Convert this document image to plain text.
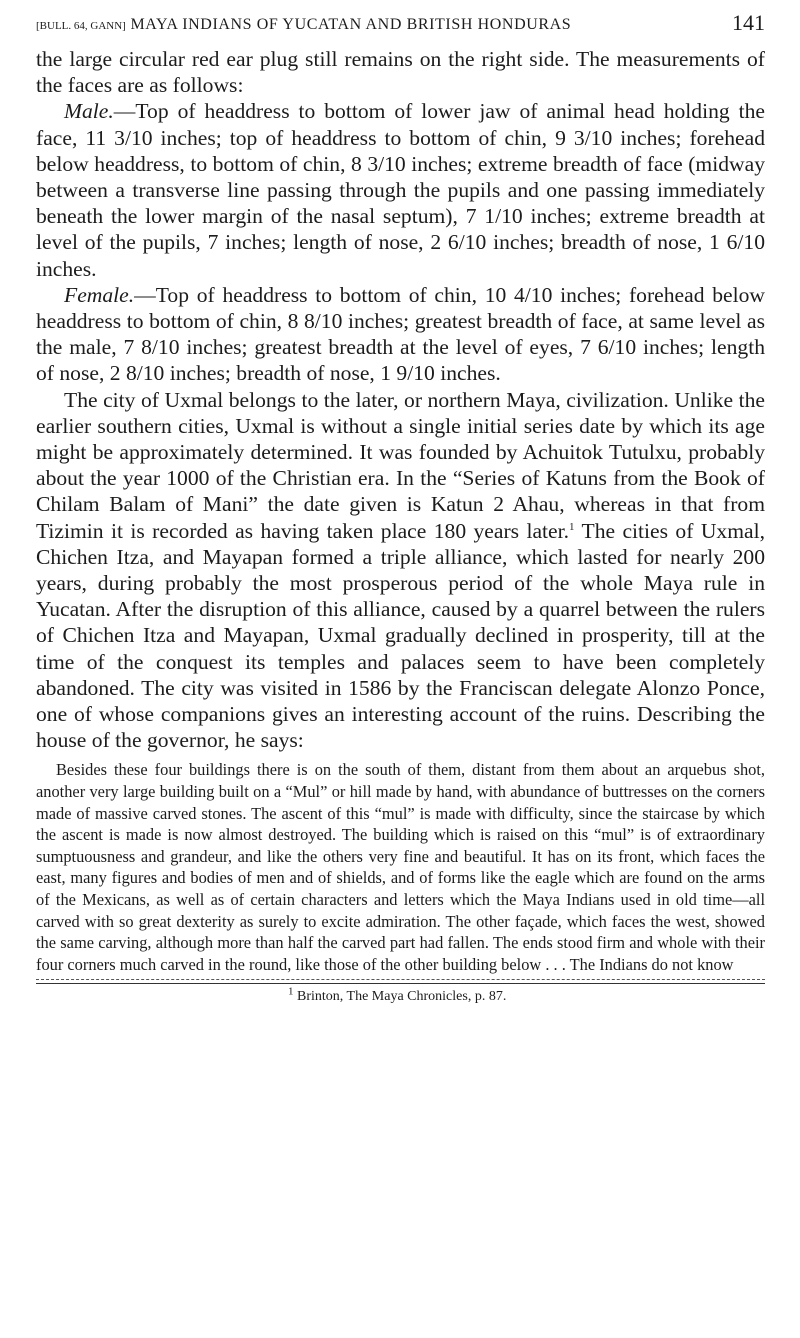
[BULL. 64, GANN] MAYA INDIANS OF YUCATAN AND BRITISH HONDURAS	141

the large circular red ear plug still remains on the right side. The measurements of the faces are as follows:

Male.—Top of headdress to bottom of lower jaw of animal head holding the face, 11 3/10 inches; top of headdress to bottom of chin, 9 3/10 inches; forehead below headdress, to bottom of chin, 8 3/10 inches; extreme breadth of face (midway between a transverse line passing through the pupils and one passing immediately beneath the lower margin of the nasal septum), 7 1/10 inches; extreme breadth at level of the pupils, 7 inches; length of nose, 2 6/10 inches; breadth of nose, 1 6/10 inches.

Female.—Top of headdress to bottom of chin, 10 4/10 inches; forehead below headdress to bottom of chin, 8 8/10 inches; greatest breadth of face, at same level as the male, 7 8/10 inches; greatest breadth at the level of eyes, 7 6/10 inches; length of nose, 2 8/10 inches; breadth of nose, 1 9/10 inches.

The city of Uxmal belongs to the later, or northern Maya, civilization. Unlike the earlier southern cities, Uxmal is without a single initial series date by which its age might be approximately determined. It was founded by Achuitok Tutulxu, probably about the year 1000 of the Christian era. In the “Series of Katuns from the Book of Chilam Balam of Mani” the date given is Katun 2 Ahau, whereas in that from Tizimin it is recorded as having taken place 180 years later.$^1$ The cities of Uxmal, Chichen Itza, and Mayapan formed a triple alliance, which lasted for nearly 200 years, during probably the most prosperous period of the whole Maya rule in Yucatan. After the disruption of this alliance, caused by a quarrel between the rulers of Chichen Itza and Mayapan, Uxmal gradually declined in prosperity, till at the time of the conquest its temples and palaces seem to have been completely abandoned. The city was visited in 1586 by the Franciscan delegate Alonzo Ponce, one of whose companions gives an interesting account of the ruins. Describing the house of the governor, he says:

Besides these four buildings there is on the south of them, distant from them about an arquebus shot, another very large building built on a “Mul” or hill made by hand, with abundance of buttresses on the corners made of massive carved stones. The ascent of this “mul” is made with difficulty, since the staircase by which the ascent is made is now almost destroyed. The building which is raised on this “mul” is of extraordinary sumptuousness and grandeur, and like the others very fine and beautiful. It has on its front, which faces the east, many figures and bodies of men and of shields, and of forms like the eagle which are found on the arms of the Mexicans, as well as of certain characters and letters which the Maya Indians used in old time—all carved with so great dexterity as surely to excite admiration. The other façade, which faces the west, showed the same carving, although more than half the carved part had fallen. The ends stood firm and whole with their four corners much carved in the round, like those of the other building below . . . The Indians do not know

$^1$ Brinton, The Maya Chronicles, p. 87.
